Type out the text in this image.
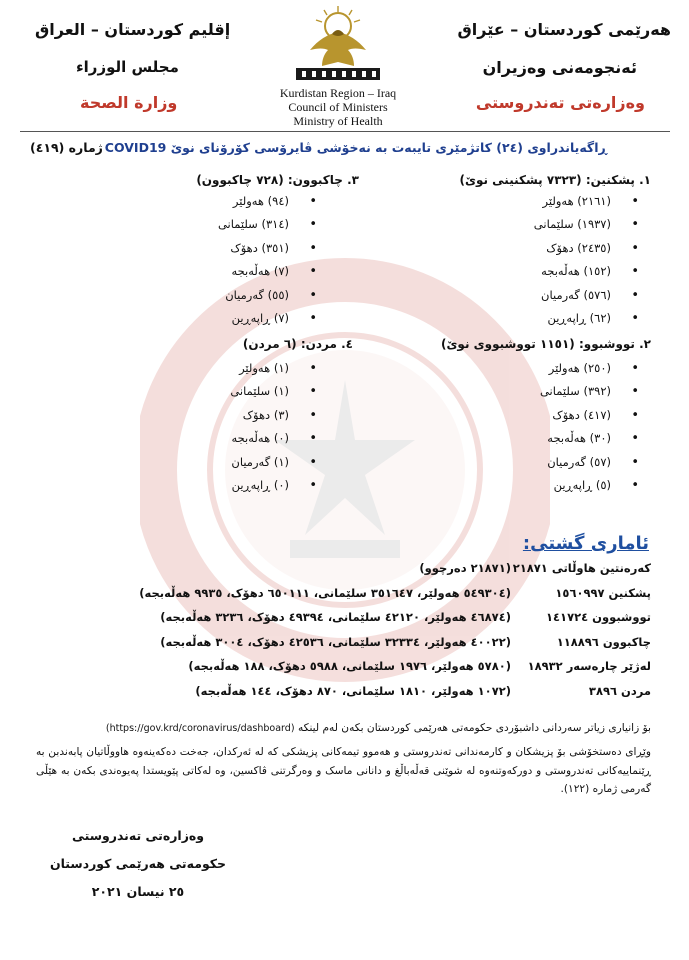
هەرێمی کوردستان – عێراق
ئەنجومەنی وەزیران
وەزارەتی تەندروستی
إقليم كوردستان – العراق
مجلس الوزراء
وزارة الصحة	Kurdistan Region – Iraq
Council of Ministers
Ministry of Health
ڕاگەیاندراوی (٢٤) کاتژمێری تایبەت بە نەخۆشی ڤایرۆسی کۆرۆنای نوێ COVID19
ژمارە (٤١٩)
١. پشکنین: (٧٣٢٣ پشکنینی نوێ)
• (٢١٦١) هەولێر
• (١٩٣٧) سلێمانی
• (٢٤٣٥) دهۆک
• (١٥٢) هەڵەبجە
• (٥٧٦) گەرمیان
• (٦٢) ڕاپەڕین
٢. تووشبوو: (١١٥١ تووشبووی نوێ)
• (٢٥٠) هەولێر
• (٣٩٢) سلێمانی
• (٤١٧) دهۆک
• (٣٠) هەڵەبجە
• (٥٧) گەرمیان
• (٥) ڕاپەڕین
٣. چاکبوون: (٧٢٨ چاکبوون)
• (٩٤) هەولێر
• (٣١٤) سلێمانی
• (٣٥١) دهۆک
• (٧) هەڵەبجە
• (٥٥) گەرمیان
• (٧) ڕاپەڕین
٤. مردن: (٦ مردن)
• (١) هەولێر
• (١) سلێمانی
• (٣) دهۆک
• (٠) هەڵەبجە
• (١) گەرمیان
• (٠) ڕاپەڕین
ئاماری گشتی:
کەرەنتین هاوڵاتی ٢١٨٧١
(٢١٨٧١ دەرچوو)
پشکنین ١٥٦٠٩٩٧
(٥٤٩٣٠٤ هەولێر، ٣٥١٦٤٧ سلێمانی، ٦٥٠١١١ دهۆک، ٩٩٣٥ هەڵەبجە)
تووشبوون ١٤١٧٢٤
(٤٦٨٧٤ هەولێر، ٤٢١٢٠ سلێمانی، ٤٩٣٩٤ دهۆک، ٣٢٣٦ هەڵەبجە)
چاکبوون ١١٨٨٩٦
(٤٠٠٢٢ هەولێر، ٣٢٣٣٤ سلێمانی، ٤٢٥٣٦ دهۆک، ٣٠٠٤ هەڵەبجە)
لەژێر چارەسەر ١٨٩٣٢
(٥٧٨٠ هەولێر، ١٩٧٦ سلێمانی، ٥٩٨٨ دهۆک، ١٨٨ هەڵەبجە)
مردن ٣٨٩٦
(١٠٧٢ هەولێر، ١٨١٠ سلێمانی، ٨٧٠ دهۆک، ١٤٤ هەڵەبجە)
بۆ زانیاری زیاتر سەردانی داشبۆردی حکومەتی هەرێمی کوردستان بکەن لەم لینکە (https://gov.krd/coronavirus/dashboard)
وێڕای دەستخۆشی بۆ پزیشکان و کارمەندانی تەندروستی و هەموو تیمەکانی پزیشکی کە لە ئەرکدان، جەخت دەکەینەوە هاووڵاتیان پابەندبن بە ڕێنماییەکانی تەندروستی و دورکەوتنەوە لە شوێنی قەڵەباڵغ و دانانی ماسک و وەرگرتنی ڤاکسین، وە لەکاتی پێویستدا پەیوەندی بکەن بە هێڵی گەرمی ژمارە (١٢٢).
وەزارەتی تەندروستی
حکومەتی هەرێمی کوردستان
٢٥ نیسان ٢٠٢١
